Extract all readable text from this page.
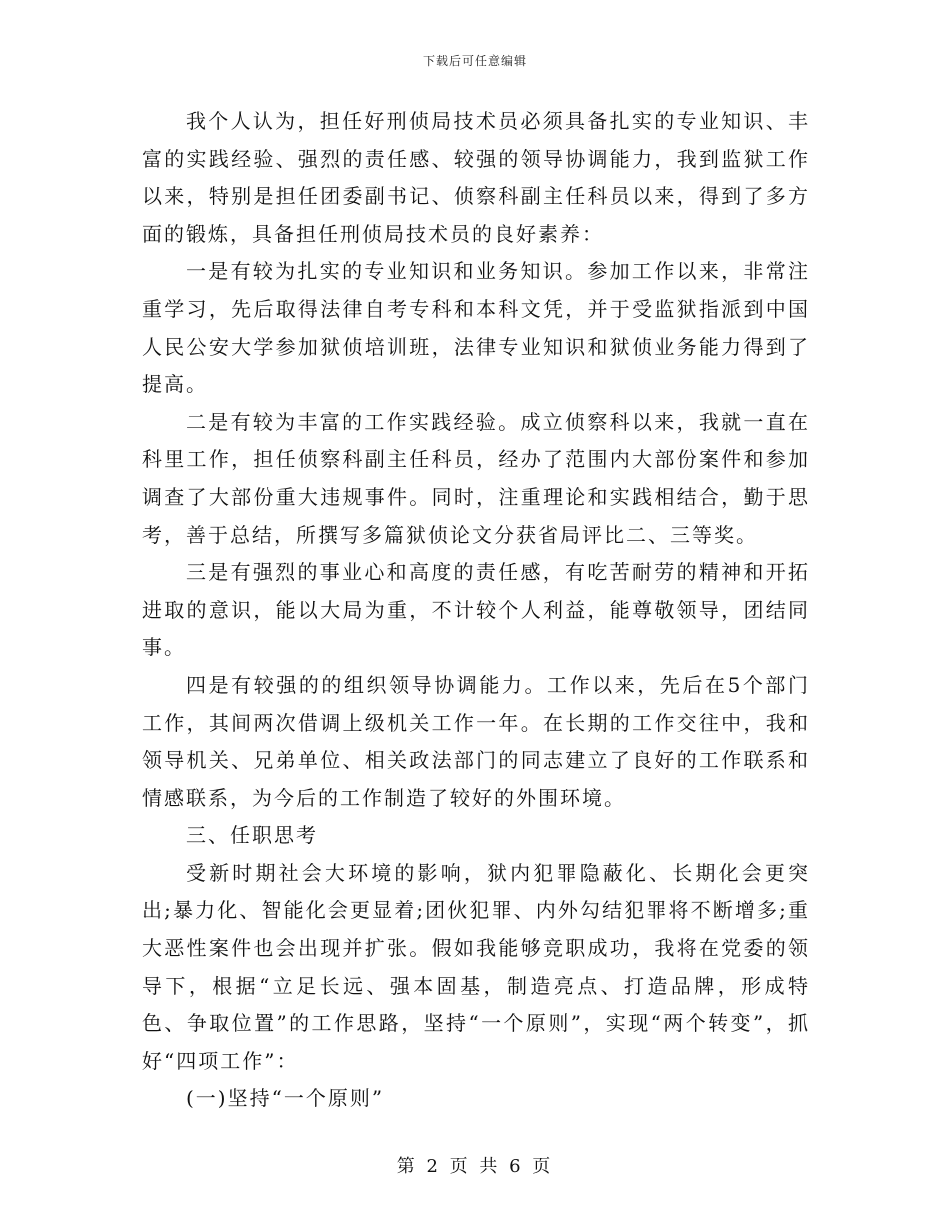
下载后可任意编辑

我个人认为，担任好刑侦局技术员必须具备扎实的专业知识、丰富的实践经验、强烈的责任感、较强的领导协调能力，我到监狱工作以来，特别是担任团委副书记、侦察科副主任科员以来，得到了多方面的锻炼，具备担任刑侦局技术员的良好素养：

一是有较为扎实的专业知识和业务知识。参加工作以来，非常注重学习，先后取得法律自考专科和本科文凭，并于受监狱指派到中国人民公安大学参加狱侦培训班，法律专业知识和狱侦业务能力得到了提高。

二是有较为丰富的工作实践经验。成立侦察科以来，我就一直在科里工作，担任侦察科副主任科员，经办了范围内大部份案件和参加调查了大部份重大违规事件。同时，注重理论和实践相结合，勤于思考，善于总结，所撰写多篇狱侦论文分获省局评比二、三等奖。

三是有强烈的事业心和高度的责任感，有吃苦耐劳的精神和开拓进取的意识，能以大局为重，不计较个人利益，能尊敬领导，团结同事。

四是有较强的的组织领导协调能力。工作以来，先后在5个部门工作，其间两次借调上级机关工作一年。在长期的工作交往中，我和领导机关、兄弟单位、相关政法部门的同志建立了良好的工作联系和情感联系，为今后的工作制造了较好的外围环境。

三、任职思考

受新时期社会大环境的影响，狱内犯罪隐蔽化、长期化会更突出;暴力化、智能化会更显着;团伙犯罪、内外勾结犯罪将不断增多;重大恶性案件也会出现并扩张。假如我能够竞职成功，我将在党委的领导下，根据“立足长远、强本固基，制造亮点、打造品牌，形成特色、争取位置”的工作思路，坚持“一个原则”，实现“两个转变”，抓好“四项工作”：

(一)坚持“一个原则”

第 2 页 共 6 页
